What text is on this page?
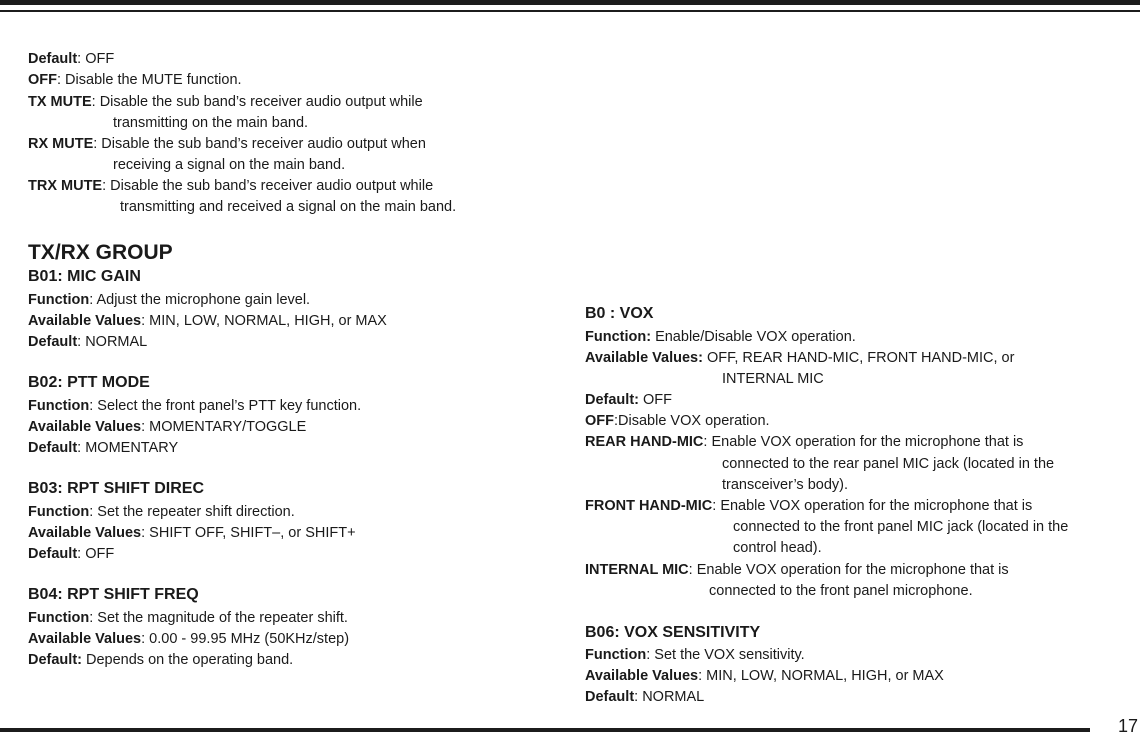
Default: OFF
OFF: Disable the MUTE function.
TX MUTE: Disable the sub band’s receiver audio output while
transmitting on the main band.
RX MUTE: Disable the sub band’s receiver audio output when
receiving a signal on the main band.
TRX MUTE: Disable the sub band’s receiver audio output while
transmitting and received a signal on the main band.
TX/RX GROUP
B01: MIC GAIN
Function: Adjust the microphone gain level.
Available Values: MIN, LOW, NORMAL, HIGH, or MAX
Default: NORMAL
B02: PTT MODE
Function: Select the front panel’s PTT key function.
Available Values: MOMENTARY/TOGGLE
Default: MOMENTARY
B03: RPT SHIFT DIREC
Function: Set the repeater shift direction.
Available Values: SHIFT OFF, SHIFT–, or SHIFT+
Default: OFF
B04: RPT SHIFT FREQ
Function: Set the magnitude of the repeater shift.
Available Values: 0.00 - 99.95 MHz (50KHz/step)
Default: Depends on the operating band.
B0 : VOX
Function: Enable/Disable VOX operation.
Available Values: OFF, REAR HAND-MIC, FRONT HAND-MIC, or
INTERNAL MIC
Default: OFF
OFF:Disable VOX operation.
REAR HAND-MIC: Enable VOX operation for the microphone that is
connected to the rear panel MIC jack (located in the
transceiver’s body).
FRONT HAND-MIC: Enable VOX operation for the microphone that is
connected to the front panel MIC jack (located in the
control head).
INTERNAL MIC: Enable VOX operation for the microphone that is
connected to the front panel microphone.
B06: VOX SENSITIVITY
Function: Set the VOX sensitivity.
Available Values: MIN, LOW, NORMAL, HIGH, or MAX
Default: NORMAL
17
